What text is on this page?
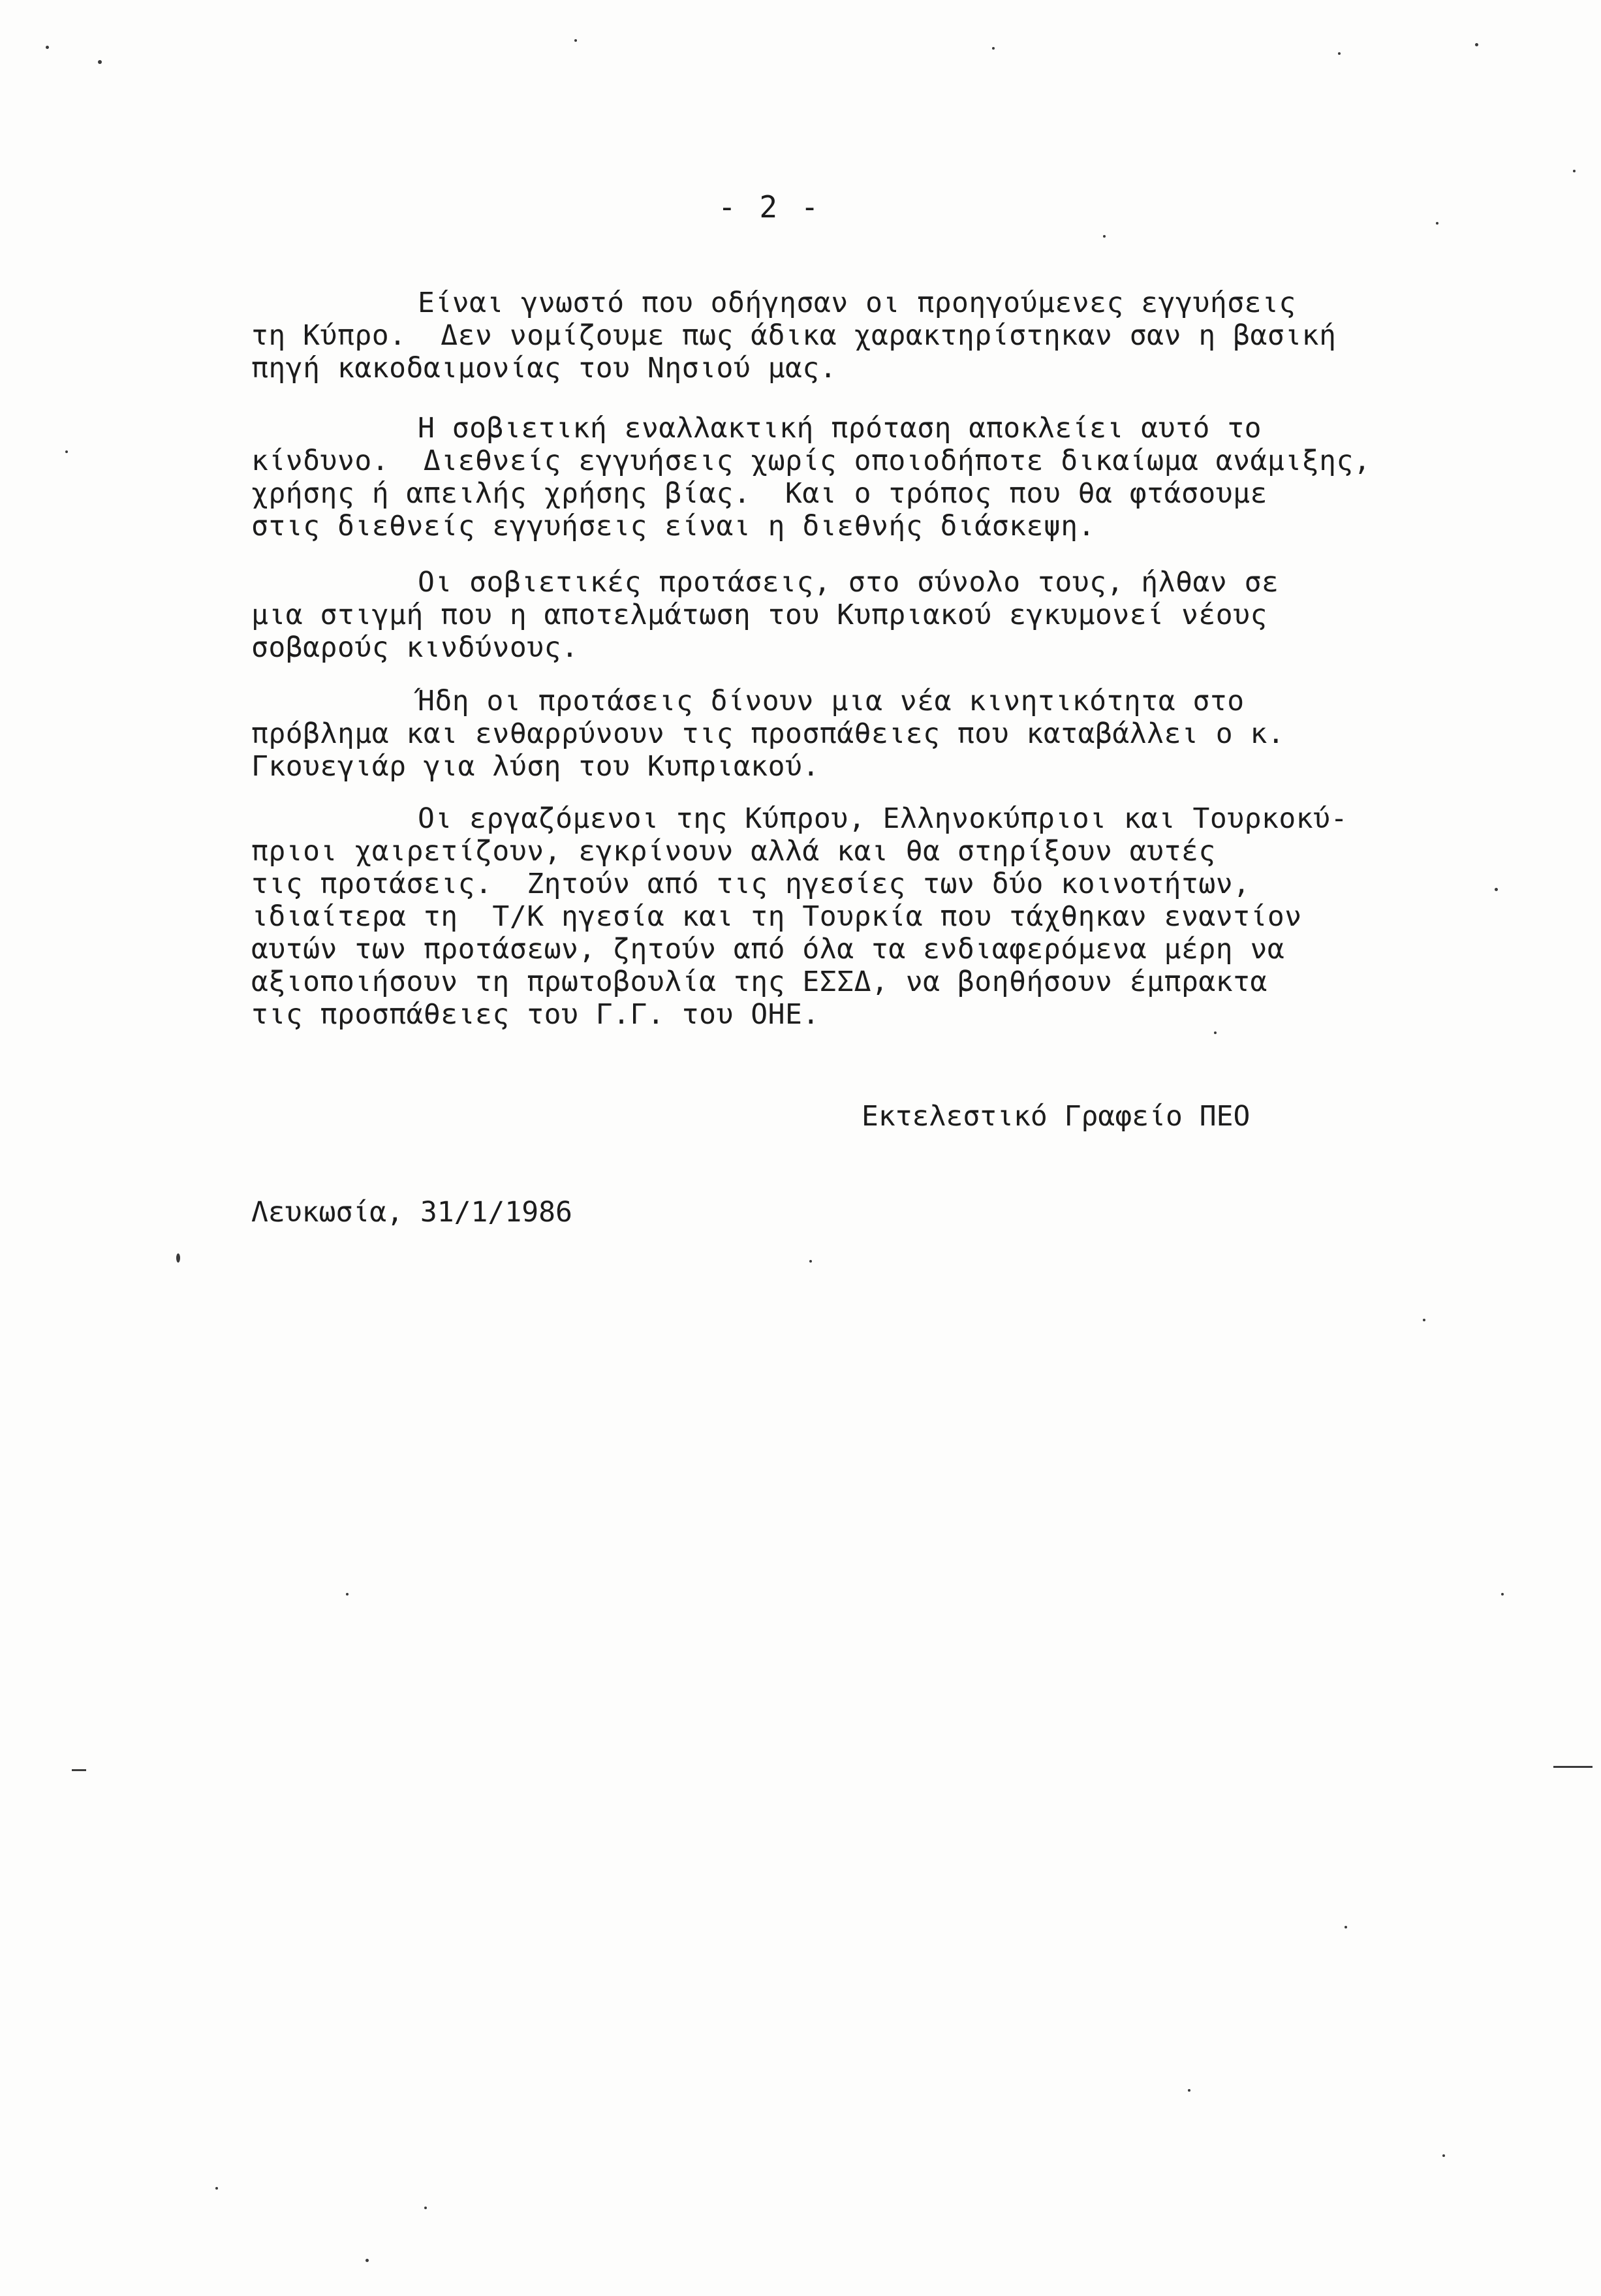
- 2 -
Είναι γνωστό που οδήγησαν οι προηγούμενες εγγυήσεις
τη Κύπρο.  Δεν νομίζουμε πως άδικα χαρακτηρίστηκαν σαν η βασική
πηγή κακοδαιμονίας του Νησιού μας.
Η σοβιετική εναλλακτική πρόταση αποκλείει αυτό το
κίνδυνο.  Διεθνείς εγγυήσεις χωρίς οποιοδήποτε δικαίωμα ανάμιξης,
χρήσης ή απειλής χρήσης βίας.  Και ο τρόπος που θα φτάσουμε
στις διεθνείς εγγυήσεις είναι η διεθνής διάσκεψη.
Οι σοβιετικές προτάσεις, στο σύνολο τους, ήλθαν σε
μια στιγμή που η αποτελμάτωση του Κυπριακού εγκυμονεί νέους
σοβαρούς κινδύνους.
Ήδη οι προτάσεις δίνουν μια νέα κινητικότητα στο
πρόβλημα και ενθαρρύνουν τις προσπάθειες που καταβάλλει ο κ.
Γκουεγιάρ για λύση του Κυπριακού.
Οι εργαζόμενοι της Κύπρου, Ελληνοκύπριοι και Τουρκοκύ-
πριοι χαιρετίζουν, εγκρίνουν αλλά και θα στηρίξουν αυτές
τις προτάσεις.  Ζητούν από τις ηγεσίες των δύο κοινοτήτων,
ιδιαίτερα τη  Τ/Κ ηγεσία και τη Τουρκία που τάχθηκαν εναντίον
αυτών των προτάσεων, ζητούν από όλα τα ενδιαφερόμενα μέρη να
αξιοποιήσουν τη πρωτοβουλία της ΕΣΣΔ, να βοηθήσουν έμπρακτα
τις προσπάθειες του Γ.Γ. του ΟΗΕ.
Εκτελεστικό Γραφείο ΠΕΟ
Λευκωσία, 31/1/1986
